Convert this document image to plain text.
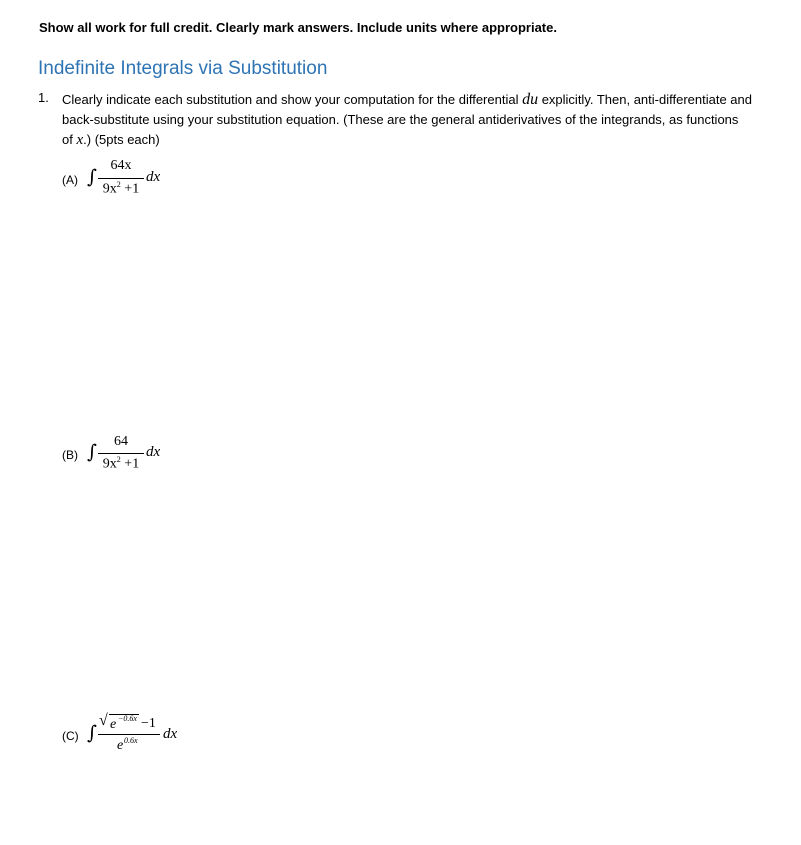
Show all work for full credit. Clearly mark answers. Include units where appropriate.
Indefinite Integrals via Substitution
1. Clearly indicate each substitution and show your computation for the differential du explicitly. Then, anti-differentiate and back-substitute using your substitution equation. (These are the general antiderivatives of the integrands, as functions of x.) (5pts each)
(A) ∫
64x
$9x^2 +1$
dx
(B) ∫	64
$9x^2 +1$
dx
(C) ∫
√ e −0.6x −1
e 0.6x dx
